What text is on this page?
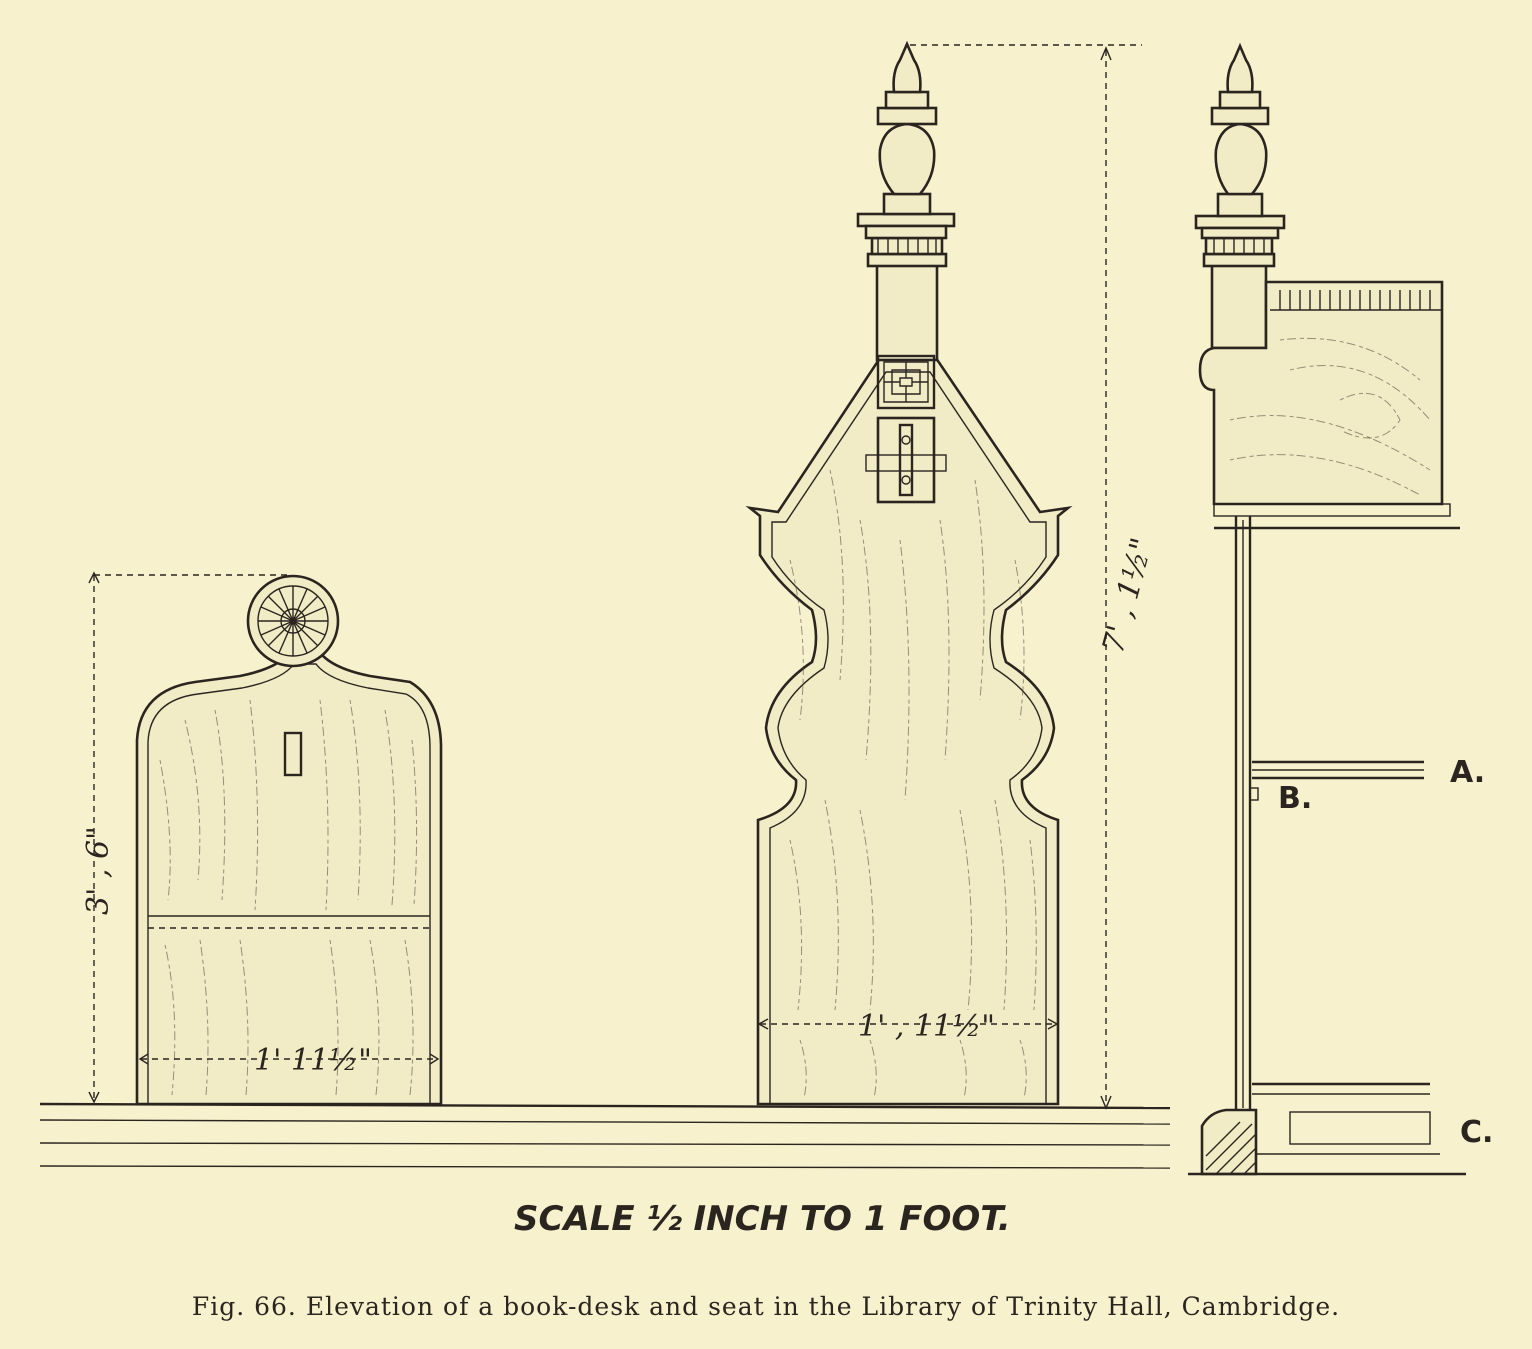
1' 11½"
3' , 6"
1' , 11½"
7' , 1½"
A.
B.
C.
SCALE ½ INCH TO 1 FOOT.

Fig. 66. Elevation of a book-desk and seat in the Library of Trinity Hall, Cambridge.
